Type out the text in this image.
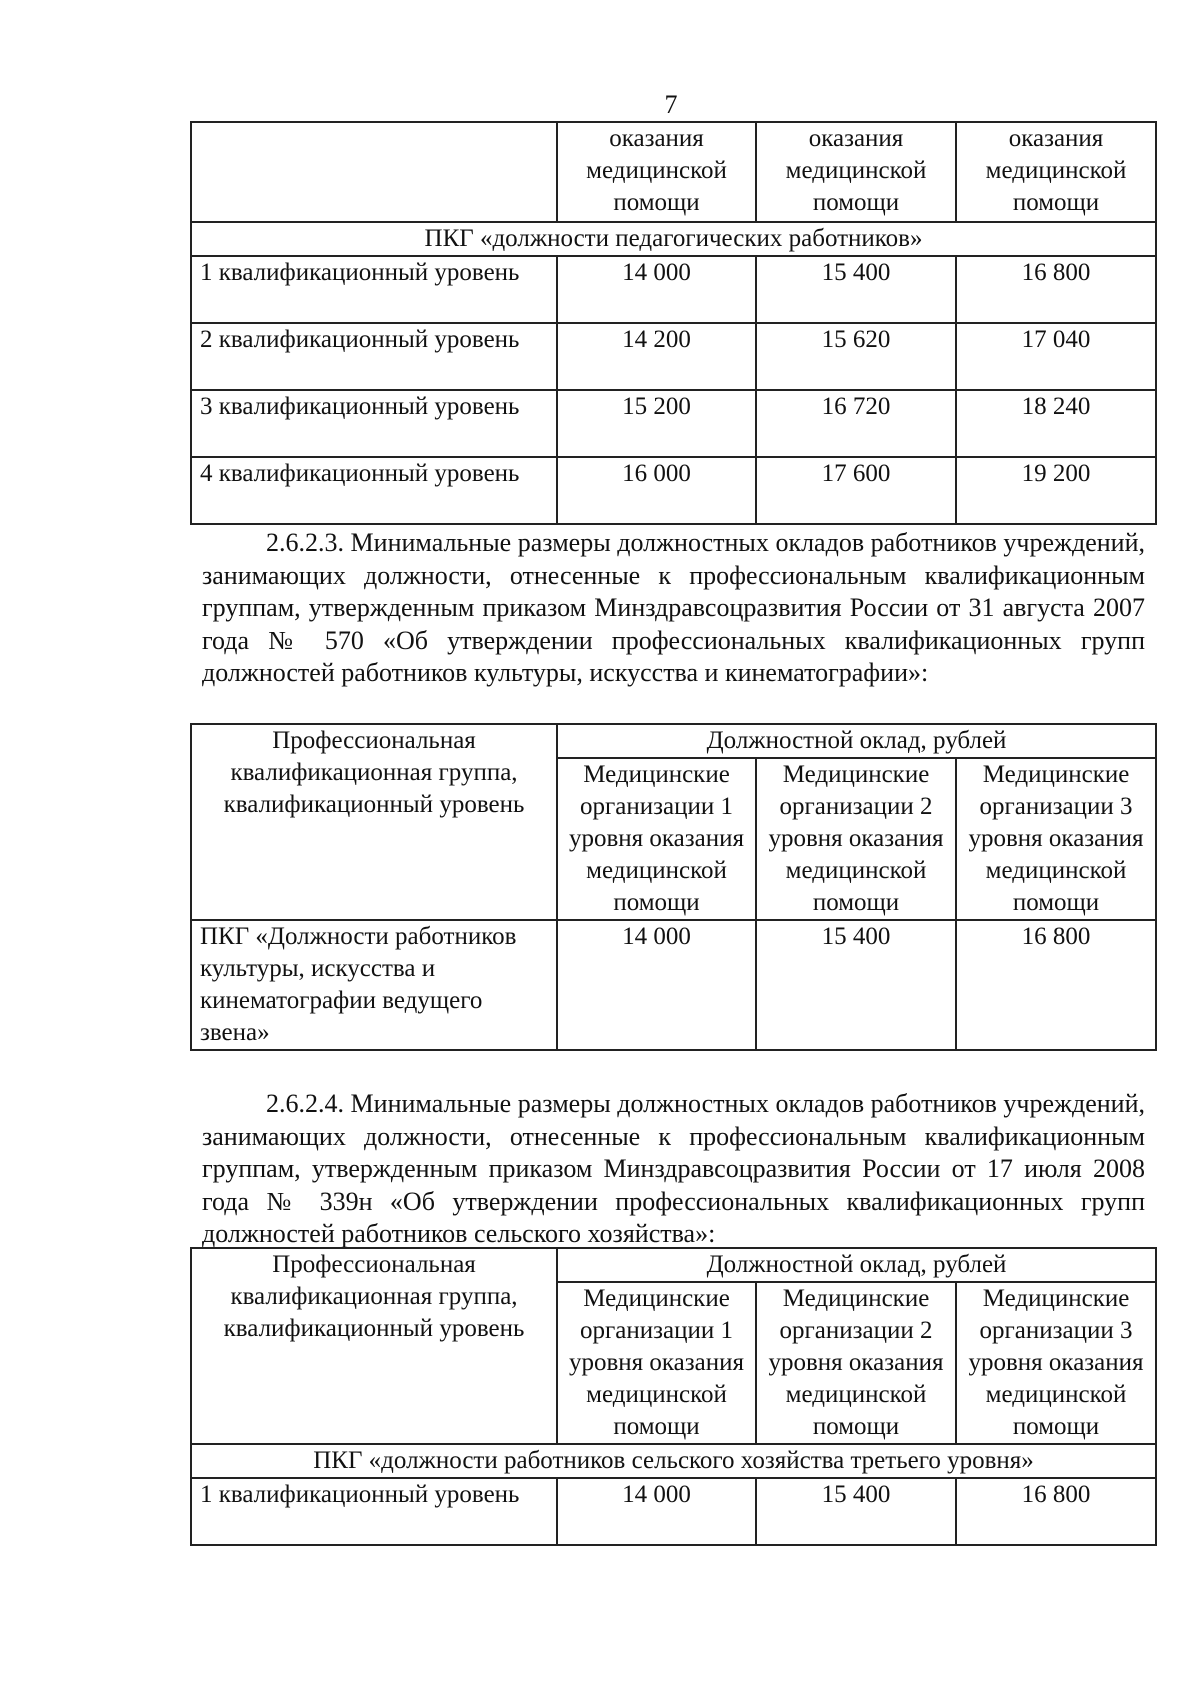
7
	оказания медицинской помощи	оказания медицинской помощи	оказания медицинской помощи
ПКГ «должности педагогических работников»			
1 квалификационный уровень	14 000	15 400	16 800
2 квалификационный уровень	14 200	15 620	17 040
3 квалификационный уровень	15 200	16 720	18 240
4 квалификационный уровень	16 000	17 600	19 200

2.6.2.3. Минимальные размеры должностных окладов работников учреждений, занимающих должности, отнесенные к профессиональным квалификационным группам, утвержденным приказом Минздравсоцразвития России от 31 августа 2007 года № 570 «Об утверждении профессиональных квалификационных групп должностей работников культуры, искусства и кинематографии»:

Профессиональная квалификационная группа, квалификационный уровень	Должностной оклад, рублей		
	Медицинские организации 1 уровня оказания медицинской помощи	Медицинские организации 2 уровня оказания медицинской помощи	Медицинские организации 3 уровня оказания медицинской помощи
ПКГ «Должности работников культуры, искусства и кинематографии ведущего звена»	14 000	15 400	16 800

2.6.2.4. Минимальные размеры должностных окладов работников учреждений, занимающих должности, отнесенные к профессиональным квалификационным группам, утвержденным приказом Минздравсоцразвития России от 17 июля 2008 года № 339н «Об утверждении профессиональных квалификационных групп должностей работников сельского хозяйства»:

Профессиональная квалификационная группа, квалификационный уровень	Должностной оклад, рублей		
	Медицинские организации 1 уровня оказания медицинской помощи	Медицинские организации 2 уровня оказания медицинской помощи	Медицинские организации 3 уровня оказания медицинской помощи
ПКГ «должности работников сельского хозяйства третьего уровня»			
1 квалификационный уровень	14 000	15 400	16 800
